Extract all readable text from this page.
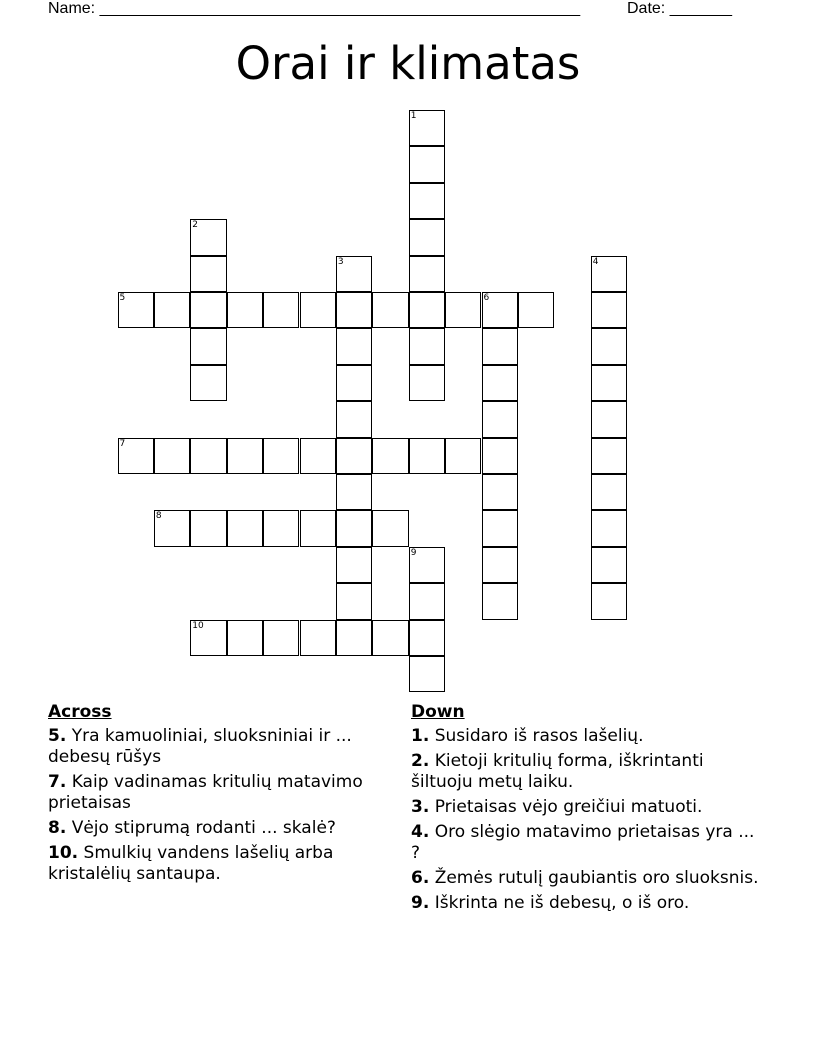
Name: ______________________________________________________	Date: _______
Orai ir klimatas
1
2
3	4
5	6
7
8
9
10
Across
5. Yra kamuoliniai, sluoksniniai ir ... debesų rūšys
7. Kaip vadinamas kritulių matavimo prietaisas
8. Vėjo stiprumą rodanti ... skalė?
10. Smulkių vandens lašelių arba kristalėlių santaupa.
Down
1. Susidaro iš rasos lašelių.
2. Kietoji kritulių forma, iškrintanti šiltuoju metų laiku.
3. Prietaisas vėjo greičiui matuoti.
4. Oro slėgio matavimo prietaisas yra ... ?
6. Žemės rutulį gaubiantis oro sluoksnis.
9. Iškrinta ne iš debesų, o iš oro.
